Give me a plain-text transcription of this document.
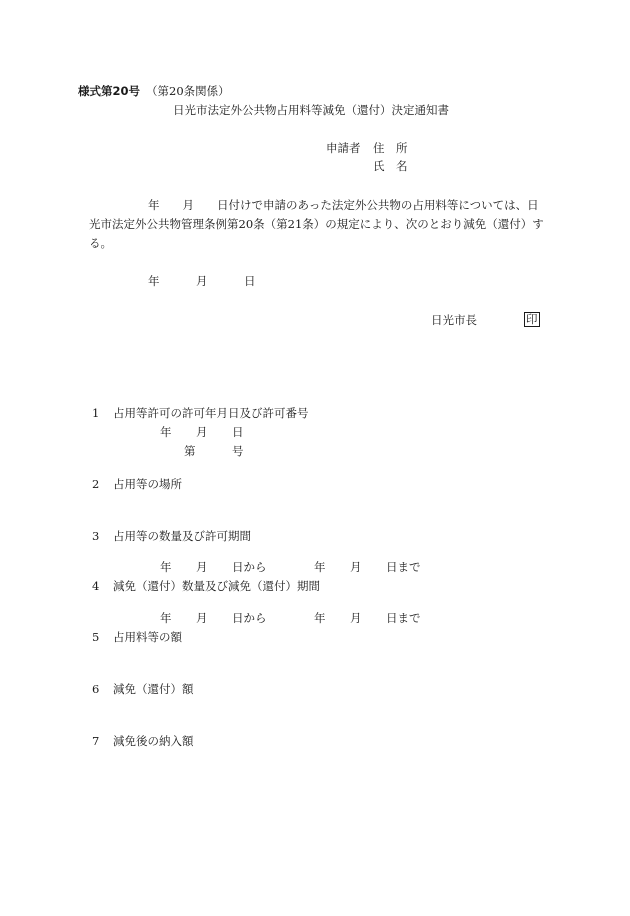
様式第20号 （第20条関係）
日光市法定外公共物占用料等減免（還付）決定通知書
申請者 住　所
氏　名
年　　月　　日付けで申請のあった法定外公共物の占用料等については、日
光市法定外公共物管理条例第20条（第21条）の規定により、次のとおり減免（還付）す
る。
年	月	日
日光市長	印
1 占用等許可の許可年月日及び許可番号
年 月 日
第	号
2 占用等の場所
3 占用等の数量及び許可期間
年 月 日から	年 月 日まで
4 減免（還付）数量及び減免（還付）期間
年 月 日から	年 月 日まで
5 占用料等の額
6 減免（還付）額
7 減免後の納入額
